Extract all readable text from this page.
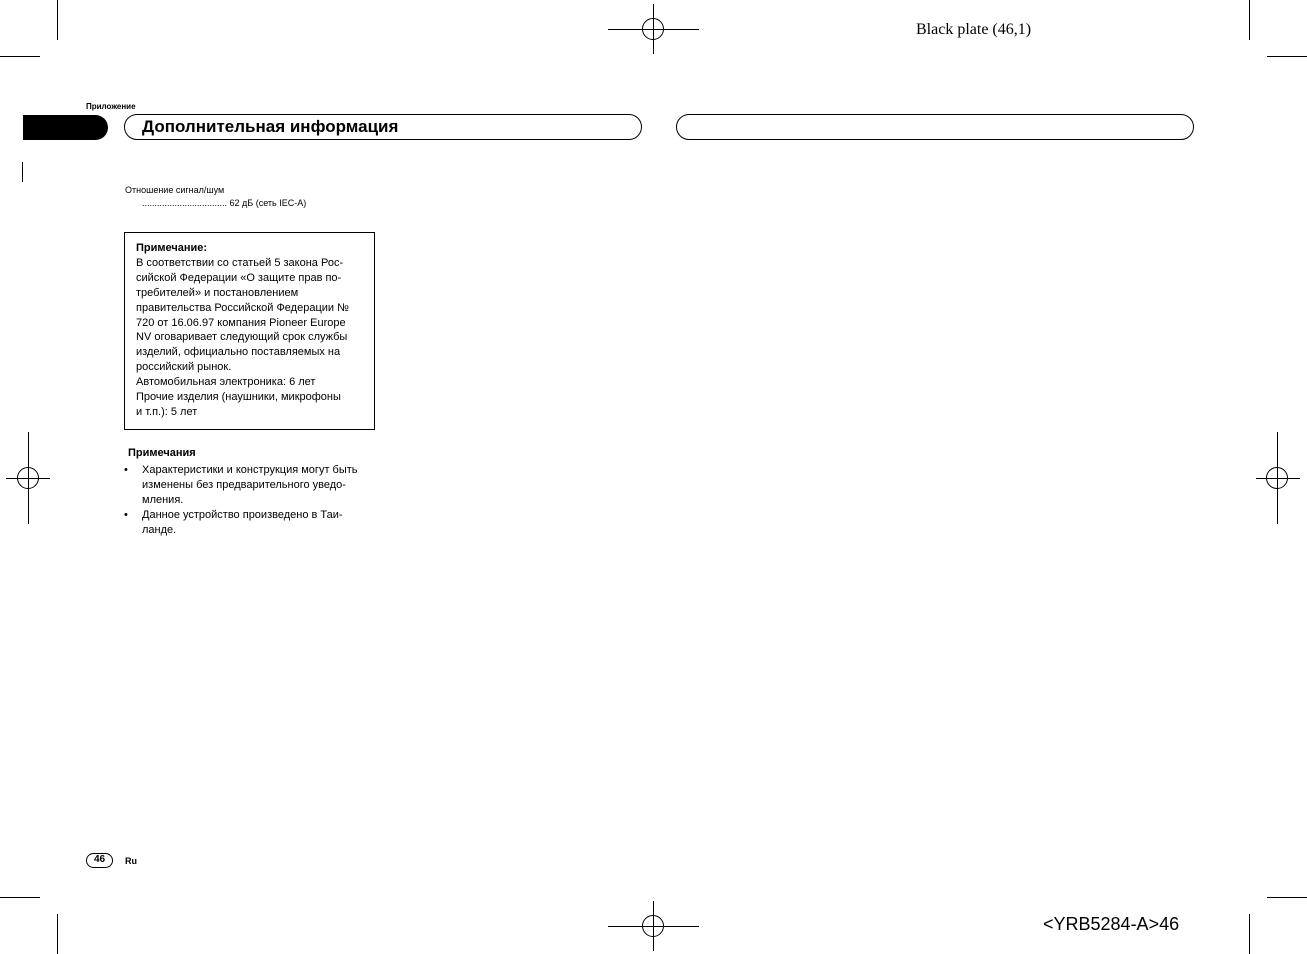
Black plate (46,1)
<YRB5284-A>46
Приложение
Дополнительная информация
Отношение сигнал/шум
.................................. 62 дБ (сеть IEC-A)
Примечание:
В соответствии со статьей 5 закона Рос-
сийской Федерации «О защите прав по-
требителей» и постановлением
правительства Российской Федерации №
720 от 16.06.97 компания Pioneer Europe
NV оговаривает следующий срок службы
изделий, официально поставляемых на
российский рынок.
Автомобильная электроника: 6 лет
Прочие изделия (наушники, микрофоны
и т.п.): 5 лет
Примечания
• Характеристики и конструкция могут быть
изменены без предварительного уведо-
мления.
• Данное устройство произведено в Таи-
ланде.
46	Ru
